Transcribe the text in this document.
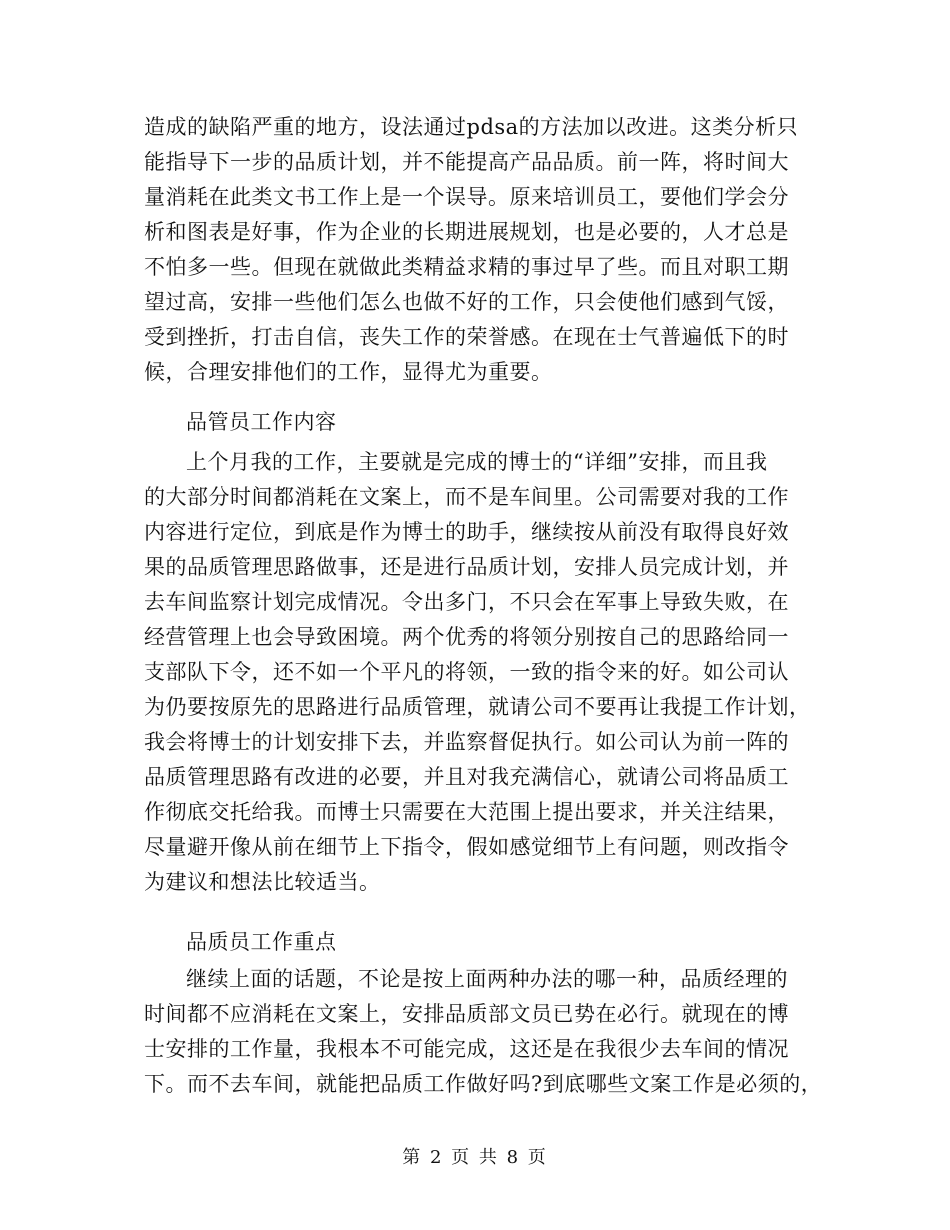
造成的缺陷严重的地方，设法通过pdsa的方法加以改进。这类分析只
能指导下一步的品质计划，并不能提高产品品质。前一阵，将时间大
量消耗在此类文书工作上是一个误导。原来培训员工，要他们学会分
析和图表是好事，作为企业的长期进展规划，也是必要的，人才总是
不怕多一些。但现在就做此类精益求精的事过早了些。而且对职工期
望过高，安排一些他们怎么也做不好的工作，只会使他们感到气馁，
受到挫折，打击自信，丧失工作的荣誉感。在现在士气普遍低下的时
候，合理安排他们的工作，显得尤为重要。
品管员工作内容
上个月我的工作，主要就是完成的博士的“详细”安排，而且我
的大部分时间都消耗在文案上，而不是车间里。公司需要对我的工作
内容进行定位，到底是作为博士的助手，继续按从前没有取得良好效
果的品质管理思路做事，还是进行品质计划，安排人员完成计划，并
去车间监察计划完成情况。令出多门，不只会在军事上导致失败，在
经营管理上也会导致困境。两个优秀的将领分别按自己的思路给同一
支部队下令，还不如一个平凡的将领，一致的指令来的好。如公司认
为仍要按原先的思路进行品质管理，就请公司不要再让我提工作计划，
我会将博士的计划安排下去，并监察督促执行。如公司认为前一阵的
品质管理思路有改进的必要，并且对我充满信心，就请公司将品质工
作彻底交托给我。而博士只需要在大范围上提出要求，并关注结果，
尽量避开像从前在细节上下指令，假如感觉细节上有问题，则改指令
为建议和想法比较适当。
品质员工作重点
继续上面的话题，不论是按上面两种办法的哪一种，品质经理的
时间都不应消耗在文案上，安排品质部文员已势在必行。就现在的博
士安排的工作量，我根本不可能完成，这还是在我很少去车间的情况
下。而不去车间，就能把品质工作做好吗?到底哪些文案工作是必须的，
第 2 页 共 8 页
